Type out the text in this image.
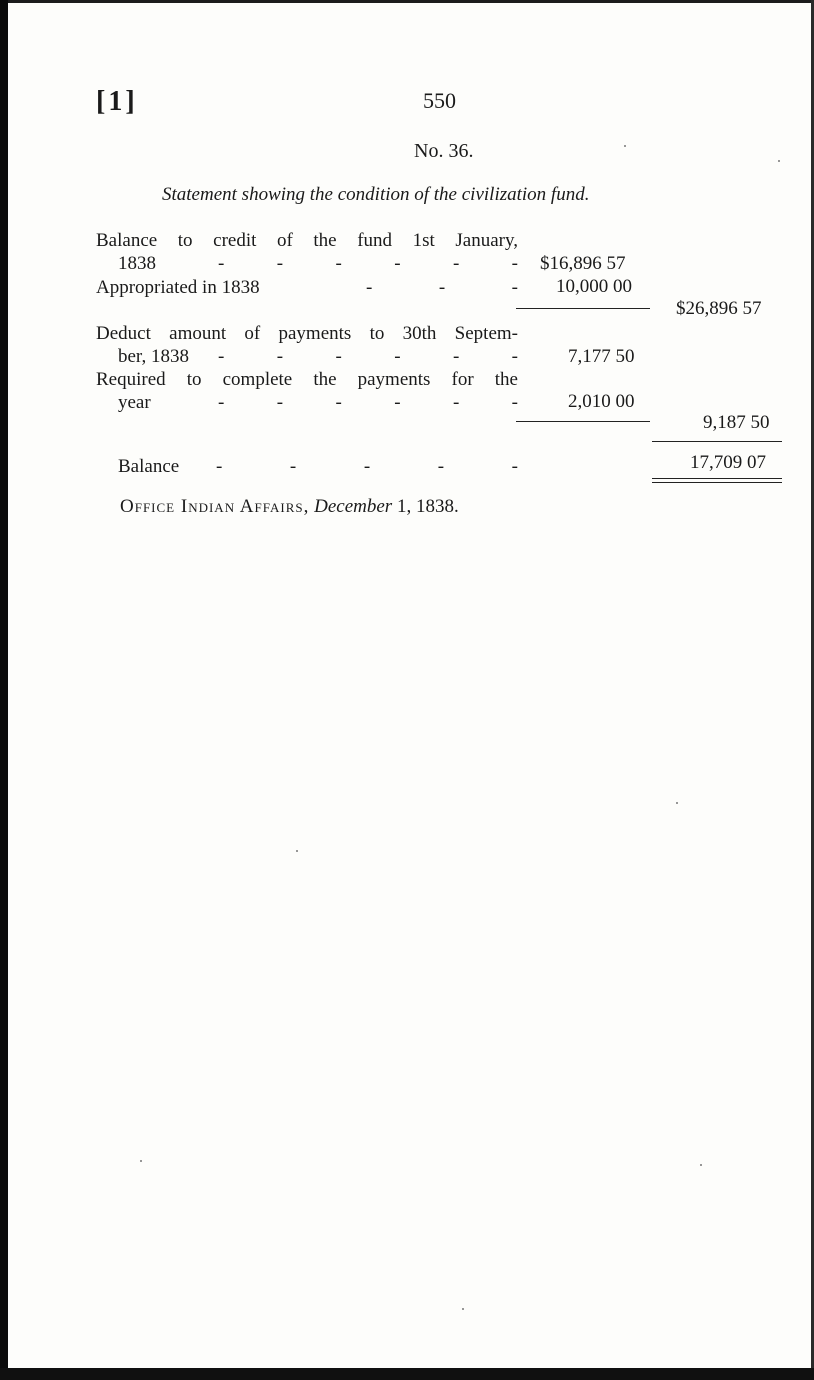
[1]	550
No. 36.
Statement showing the condition of the civilization fund.
Balance to credit of the fund 1st January,
1838	-	-	-	-	-	- $16,896 57
Appropriated in 1838	-	-	- 10,000 00
$26,896 57
Deduct amount of payments to 30th Septem-
ber, 1838 -	-	-	-	-	-	7,177 50
Required to complete the payments for the
year	-	-	-	-	-	-	2,010 00
9,187 50
Balance -	-	-	-	-	17,709 07
Office Indian Affairs, December 1, 1838.
